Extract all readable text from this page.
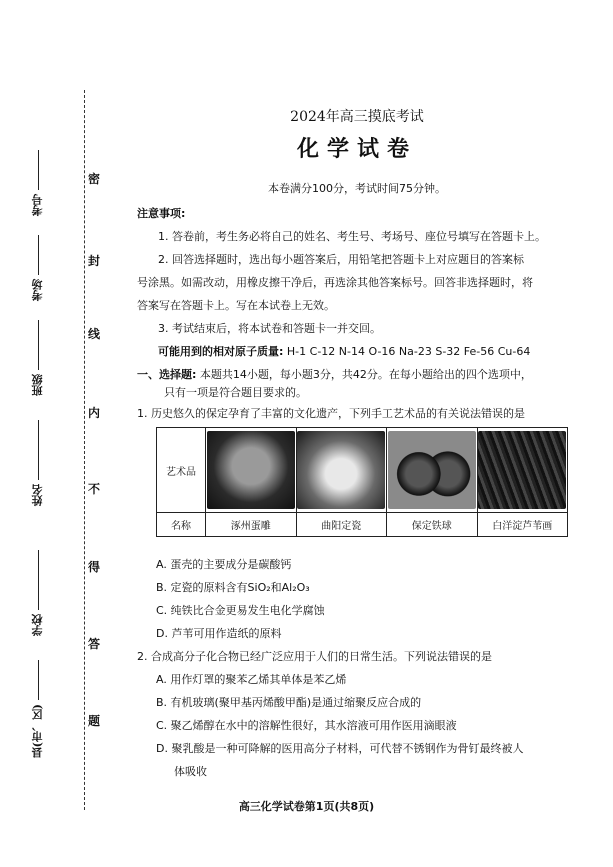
密
封
线
内
不
得
答
题
考号
考场
班级
姓名
学校
县(市、区)
2024年高三摸底考试
化学试卷
本卷满分100分，考试时间75分钟。
注意事项:
1. 答卷前，考生务必将自己的姓名、考生号、考场号、座位号填写在答题卡上。
2. 回答选择题时，选出每小题答案后，用铅笔把答题卡上对应题目的答案标
号涂黑。如需改动，用橡皮擦干净后，再选涂其他答案标号。回答非选择题时，将
答案写在答题卡上。写在本试卷上无效。
3. 考试结束后，将本试卷和答题卡一并交回。
可能用到的相对原子质量: H-1 C-12 N-14 O-16 Na-23 S-32 Fe-56 Cu-64
一、选择题: 本题共14小题，每小题3分，共42分。在每小题给出的四个选项中，
只有一项是符合题目要求的。
1. 历史悠久的保定孕育了丰富的文化遗产，下列手工艺术品的有关说法错误的是
艺术品	

名称	涿州蛋雕	曲阳定瓷	保定铁球	白洋淀芦苇画
A. 蛋壳的主要成分是碳酸钙
B. 定瓷的原料含有SiO₂和Al₂O₃
C. 纯铁比合金更易发生电化学腐蚀
D. 芦苇可用作造纸的原料
2. 合成高分子化合物已经广泛应用于人们的日常生活。下列说法错误的是
A. 用作灯罩的聚苯乙烯其单体是苯乙烯
B. 有机玻璃(聚甲基丙烯酸甲酯)是通过缩聚反应合成的
C. 聚乙烯醇在水中的溶解性很好，其水溶液可用作医用滴眼液
D. 聚乳酸是一种可降解的医用高分子材料，可代替不锈钢作为骨钉最终被人
体吸收
高三化学试卷第1页(共8页)
